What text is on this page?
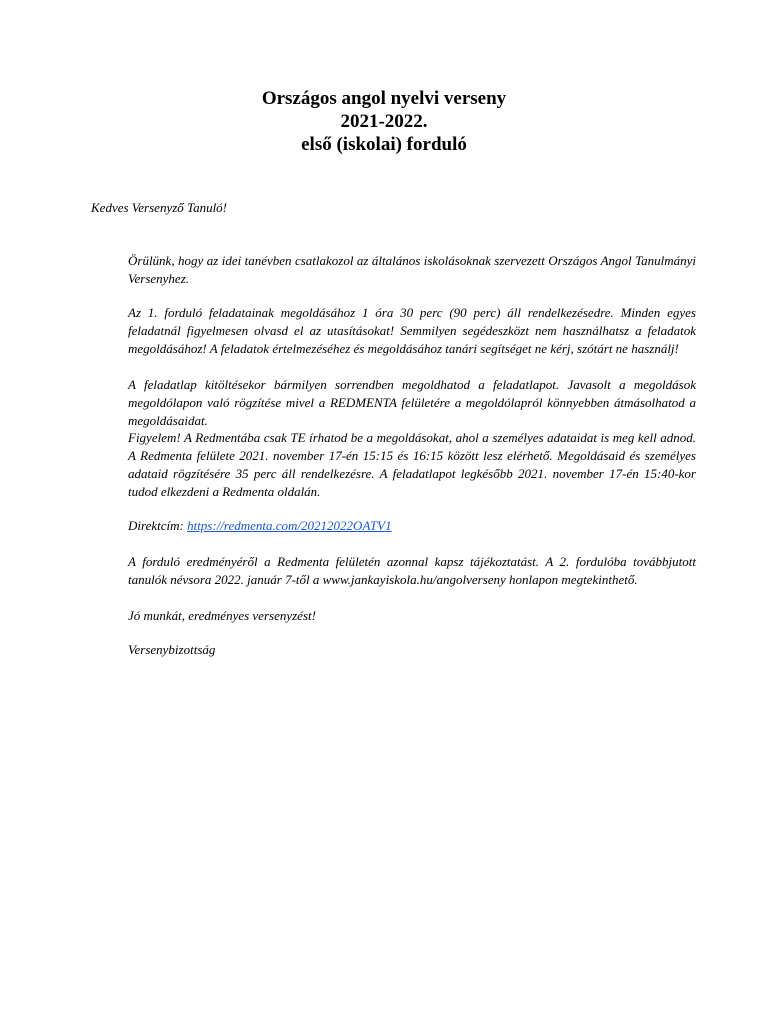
Országos angol nyelvi verseny
2021-2022.
első (iskolai) forduló
Kedves Versenyző Tanuló!
Örülünk, hogy az idei tanévben csatlakozol az általános iskolásoknak szervezett Országos Angol Tanulmányi Versenyhez.
Az 1. forduló feladatainak megoldásához 1 óra 30 perc (90 perc) áll rendelkezésedre. Minden egyes feladatnál figyelmesen olvasd el az utasításokat! Semmilyen segédeszközt nem használhatsz a feladatok megoldásához! A feladatok értelmezéséhez és megoldásához tanári segítséget ne kérj, szótárt ne használj!
A feladatlap kitöltésekor bármilyen sorrendben megoldhatod a feladatlapot. Javasolt a megoldások megoldólapon való rögzítése mivel a REDMENTA felületére a megoldólapról könnyebben átmásolhatod a megoldásaidat.
Figyelem! A Redmentába csak TE írhatod be a megoldásokat, ahol a személyes adataidat is meg kell adnod. A Redmenta felülete 2021. november 17-én 15:15 és 16:15 között lesz elérhető. Megoldásaid és személyes adataid rögzítésére 35 perc áll rendelkezésre. A feladatlapot legkésőbb 2021. november 17-én 15:40-kor tudod elkezdeni a Redmenta oldalán.
Direktcím: https://redmenta.com/20212022OATV1
A forduló eredményéről a Redmenta felületén azonnal kapsz tájékoztatást. A 2. fordulóba továbbjutott tanulók névsora 2022. január 7-től a www.jankayiskola.hu/angolverseny honlapon megtekinthető.
Jó munkát, eredményes versenyzést!
Versenybizottság
